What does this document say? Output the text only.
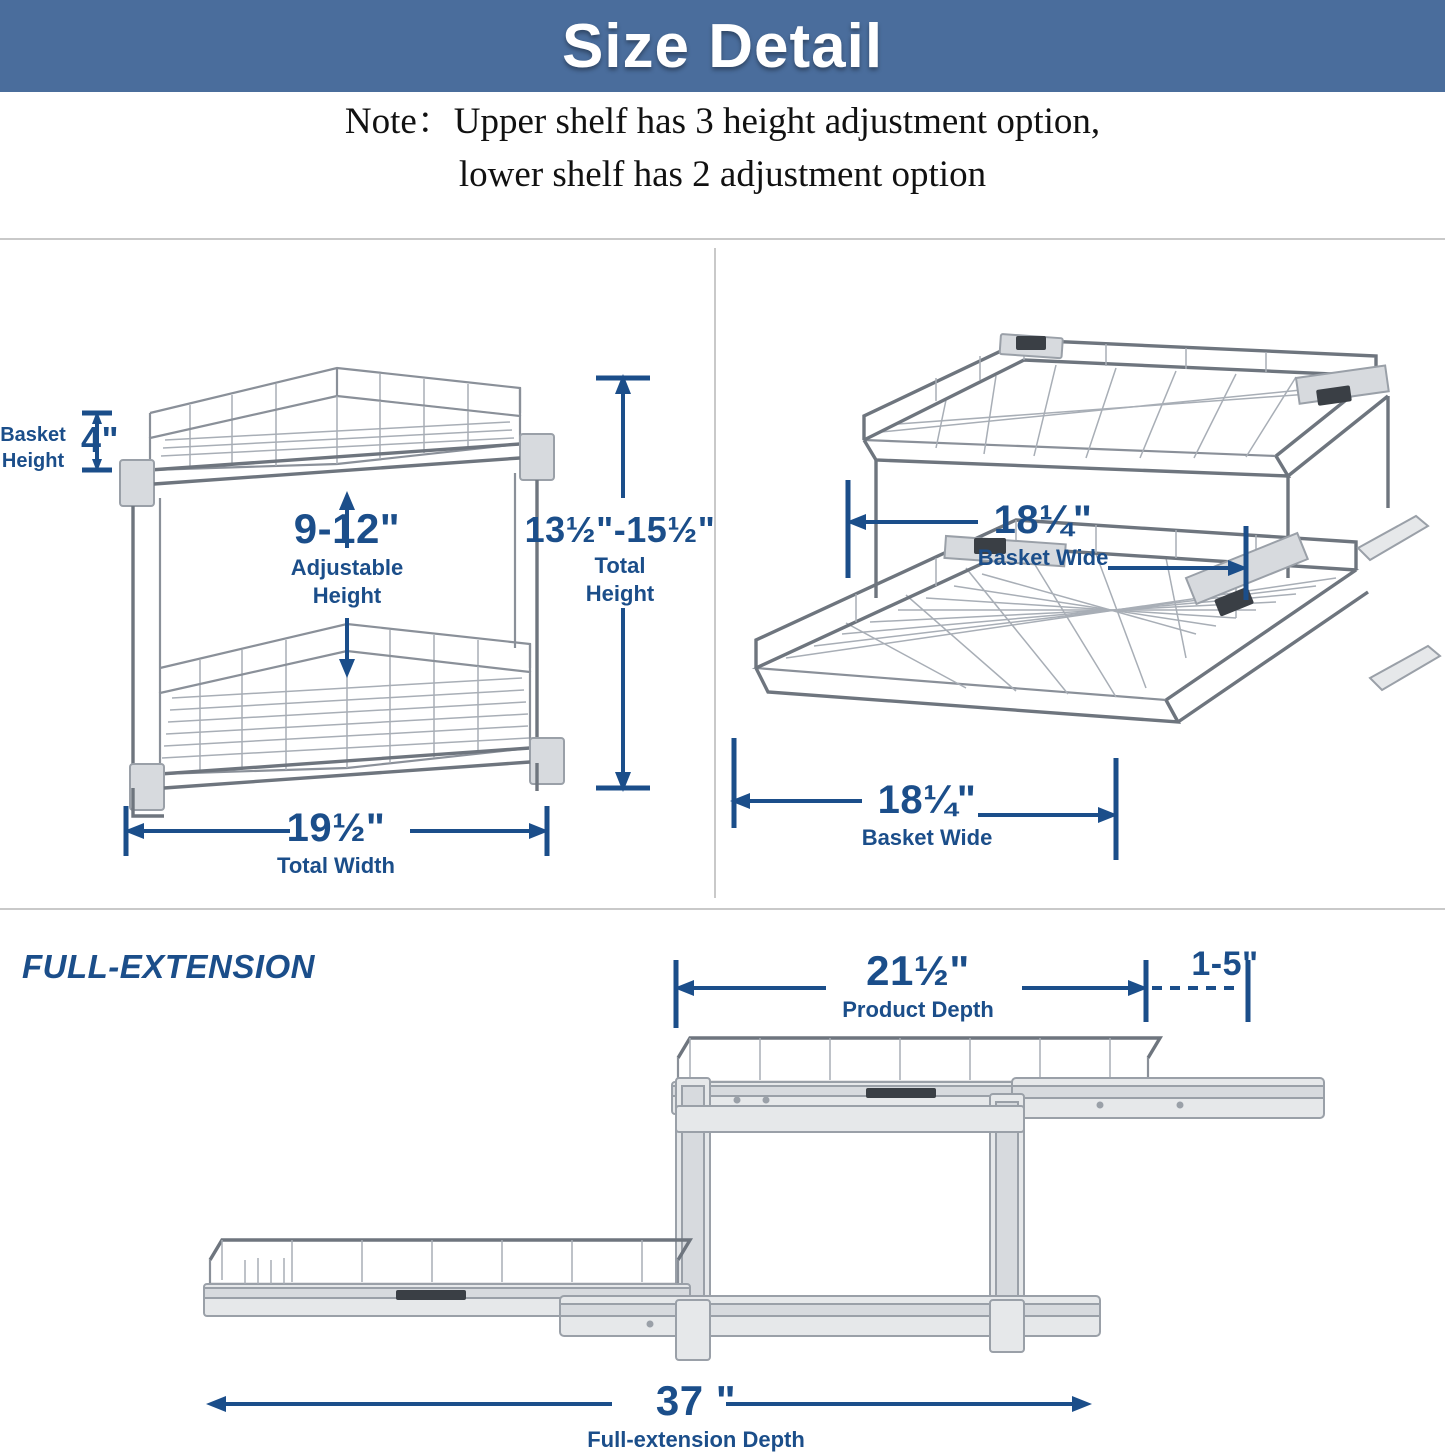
Size Detail
Note：Upper shelf has 3 height adjustment option,
lower shelf has 2 adjustment option
Basket
Height
4"
9-12"
Adjustable
Height
13½"-15½"
Total
Height
19½"
Total Width
18¼"
Basket Wide
18¼"
Basket Wide
FULL-EXTENSION	21½"
Product Depth
1-5"
37 "
Full-extension Depth
